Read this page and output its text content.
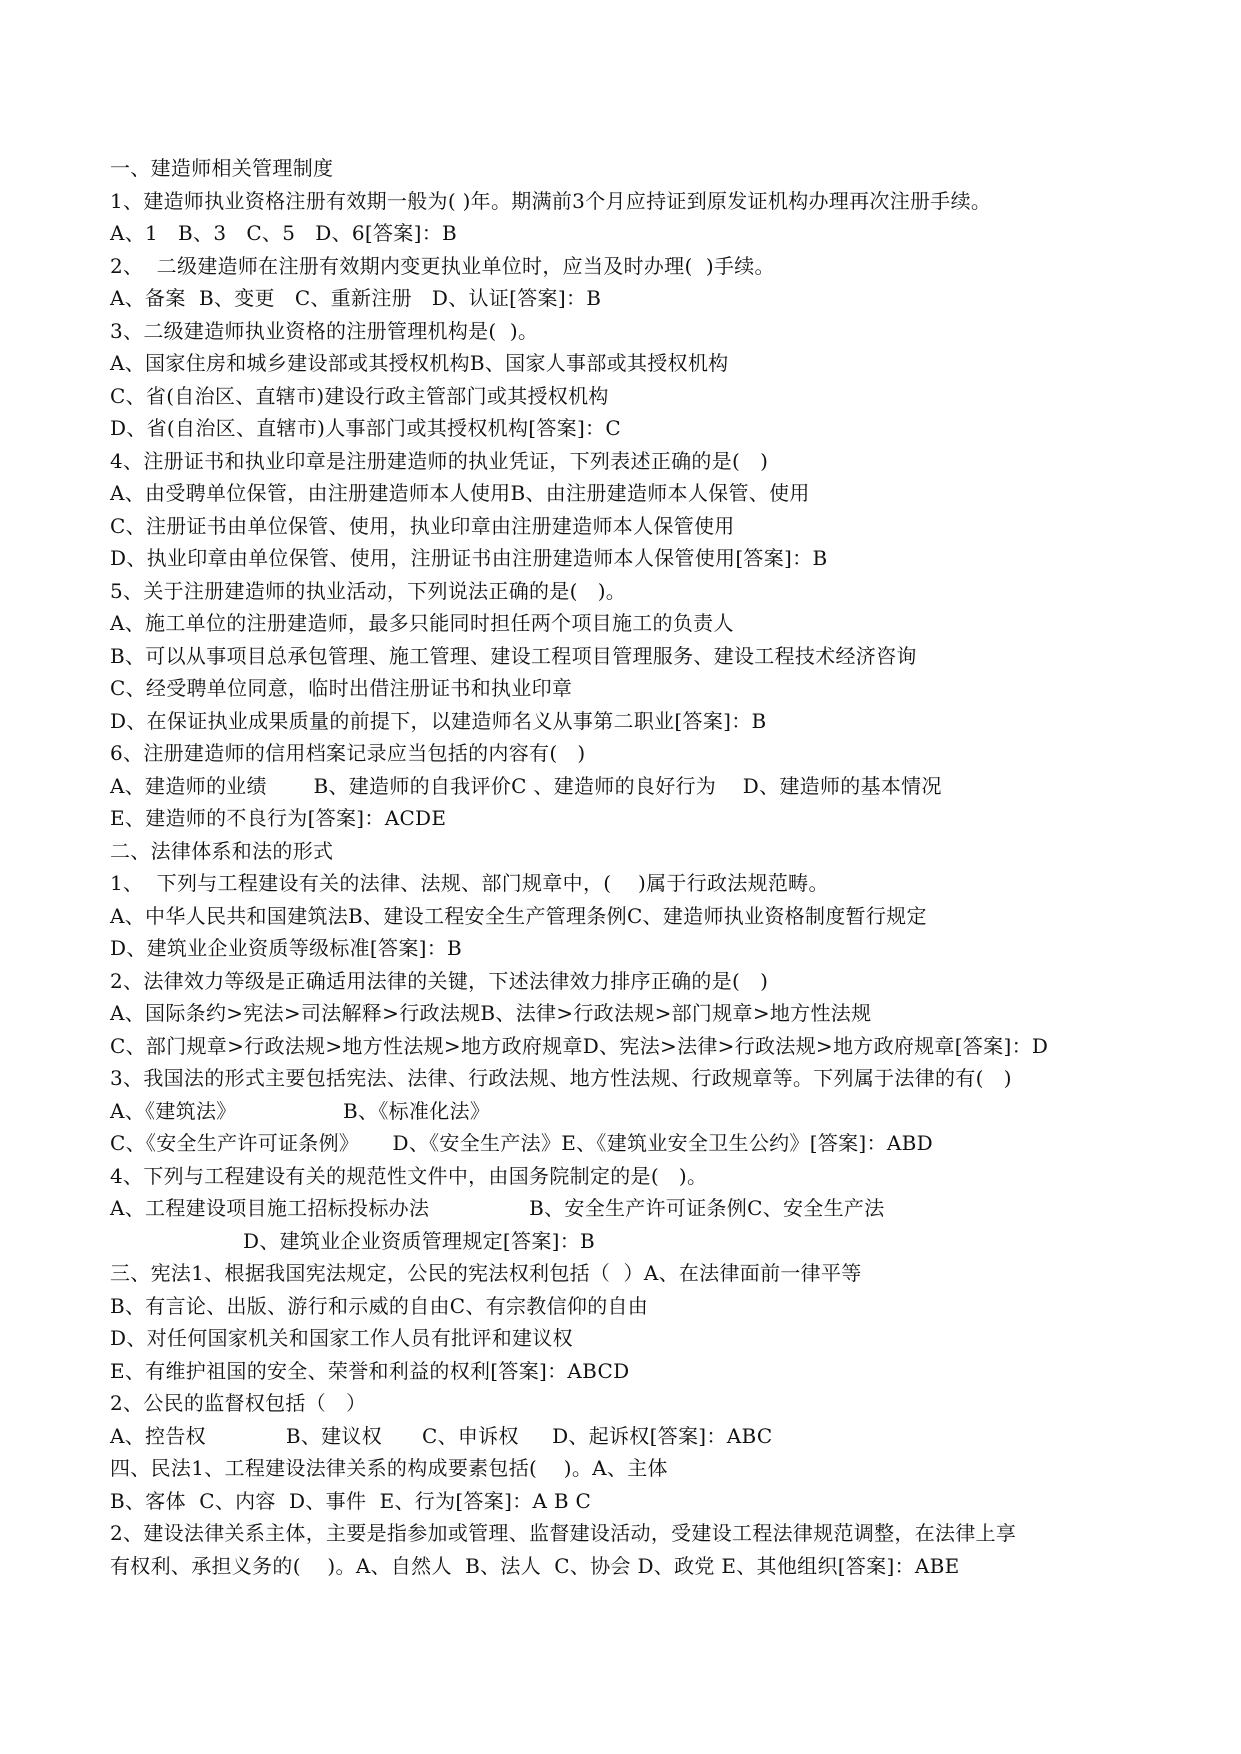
一、建造师相关管理制度
1、建造师执业资格注册有效期一般为( )年。期满前3个月应持证到原发证机构办理再次注册手续。
A、1   B、3   C、5   D、6[答案]：B
2、  二级建造师在注册有效期内变更执业单位时，应当及时办理(  )手续。
A、备案  B、变更   C、重新注册   D、认证[答案]：B
3、二级建造师执业资格的注册管理机构是(  )。
A、国家住房和城乡建设部或其授权机构B、国家人事部或其授权机构
C、省(自治区、直辖市)建设行政主管部门或其授权机构
D、省(自治区、直辖市)人事部门或其授权机构[答案]：C
4、注册证书和执业印章是注册建造师的执业凭证，下列表述正确的是(   )
A、由受聘单位保管，由注册建造师本人使用B、由注册建造师本人保管、使用
C、注册证书由单位保管、使用，执业印章由注册建造师本人保管使用
D、执业印章由单位保管、使用，注册证书由注册建造师本人保管使用[答案]：B
5、关于注册建造师的执业活动，下列说法正确的是(   )。
A、施工单位的注册建造师，最多只能同时担任两个项目施工的负责人
B、可以从事项目总承包管理、施工管理、建设工程项目管理服务、建设工程技术经济咨询
C、经受聘单位同意，临时出借注册证书和执业印章
D、在保证执业成果质量的前提下，以建造师名义从事第二职业[答案]：B
6、注册建造师的信用档案记录应当包括的内容有(   )
A、建造师的业绩       B、建造师的自我评价C 、建造师的良好行为    D、建造师的基本情况
E、建造师的不良行为[答案]：ACDE
二、法律体系和法的形式
1、  下列与工程建设有关的法律、法规、部门规章中，(    )属于行政法规范畴。
A、中华人民共和国建筑法B、建设工程安全生产管理条例C、建造师执业资格制度暂行规定
D、建筑业企业资质等级标准[答案]：B
2、法律效力等级是正确适用法律的关键，下述法律效力排序正确的是(   )
A、国际条约>宪法>司法解释>行政法规B、法律>行政法规>部门规章>地方性法规
C、部门规章>行政法规>地方性法规>地方政府规章D、宪法>法律>行政法规>地方政府规章[答案]：D
3、我国法的形式主要包括宪法、法律、行政法规、地方性法规、行政规章等。下列属于法律的有(   )
A、《建筑法》                B、《标准化法》
C、《安全生产许可证条例》     D、《安全生产法》E、《建筑业安全卫生公约》[答案]：ABD
4、下列与工程建设有关的规范性文件中，由国务院制定的是(   )。
A、工程建设项目施工招标投标办法               B、安全生产许可证条例C、安全生产法
D、建筑业企业资质管理规定[答案]：B
三、宪法1、根据我国宪法规定，公民的宪法权利包括（  ）A、在法律面前一律平等
B、有言论、出版、游行和示威的自由C、有宗教信仰的自由
D、对任何国家机关和国家工作人员有批评和建议权
E、有维护祖国的安全、荣誉和利益的权利[答案]：ABCD
2、公民的监督权包括（   ）
A、控告权            B、建议权      C、申诉权     D、起诉权[答案]：ABC
四、民法1、工程建设法律关系的构成要素包括(    )。A、主体
B、客体  C、内容  D、事件  E、行为[答案]：A B C
2、建设法律关系主体，主要是指参加或管理、监督建设活动，受建设工程法律规范调整，在法律上享
有权利、承担义务的(    )。A、自然人  B、法人  C、协会 D、政党 E、其他组织[答案]：ABE
